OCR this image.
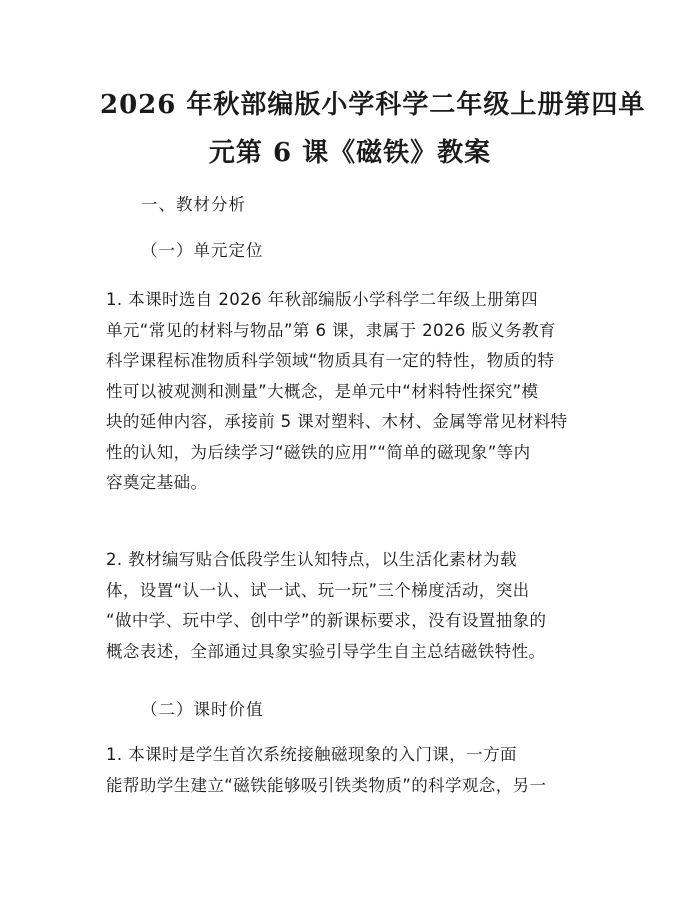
2026 年秋部编版小学科学二年级上册第四单
元第 6 课《磁铁》教案
一、教材分析
（一）单元定位
1. 本课时选自 2026 年秋部编版小学科学二年级上册第四
单元“常见的材料与物品”第 6 课，隶属于 2026 版义务教育
科学课程标准物质科学领域“物质具有一定的特性，物质的特
性可以被观测和测量”大概念，是单元中“材料特性探究”模
块的延伸内容，承接前 5 课对塑料、木材、金属等常见材料特
性的认知，为后续学习“磁铁的应用”“简单的磁现象”等内
容奠定基础。
2. 教材编写贴合低段学生认知特点，以生活化素材为载
体，设置“认一认、试一试、玩一玩”三个梯度活动，突出
“做中学、玩中学、创中学”的新课标要求，没有设置抽象的
概念表述，全部通过具象实验引导学生自主总结磁铁特性。
（二）课时价值
1. 本课时是学生首次系统接触磁现象的入门课，一方面
能帮助学生建立“磁铁能够吸引铁类物质”的科学观念，另一
